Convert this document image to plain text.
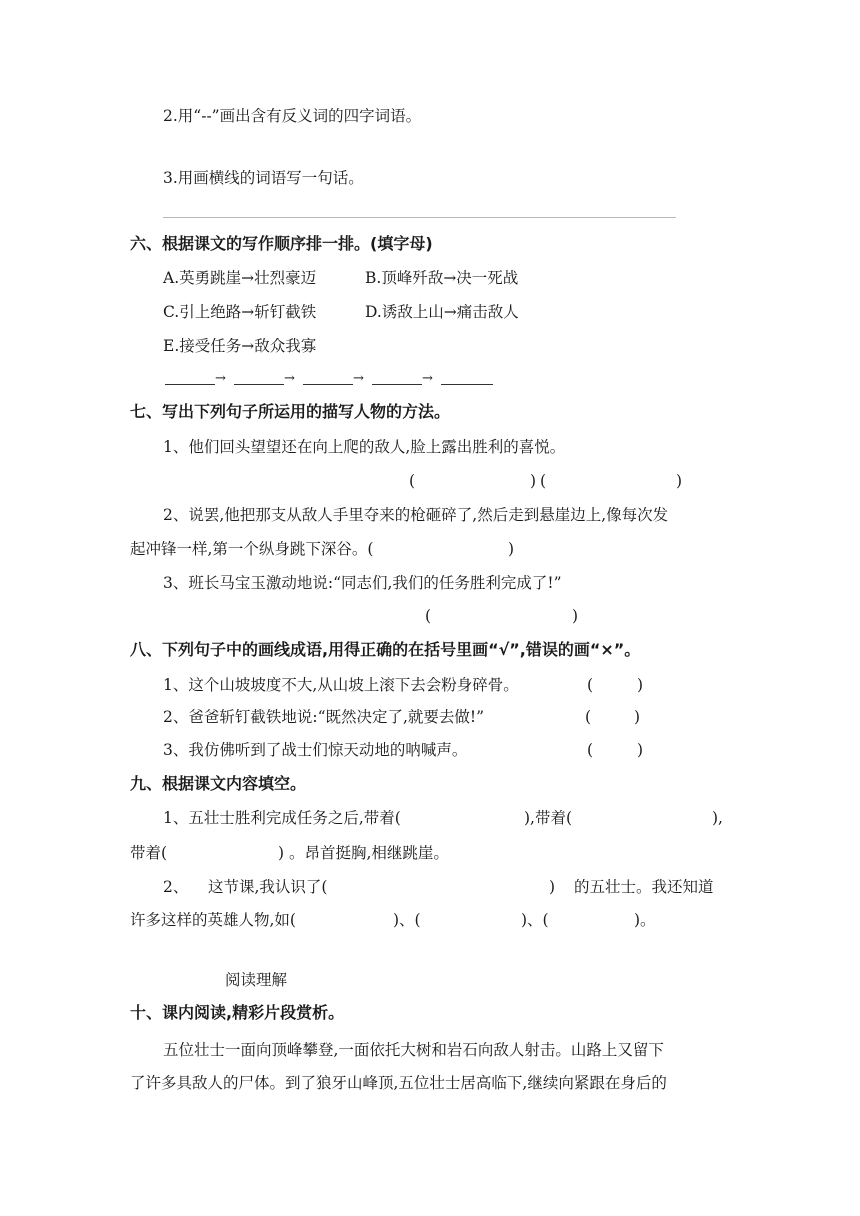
2.用“--”画出含有反义词的四字词语。
3.用画横线的词语写一句话。
六、根据课文的写作顺序排一排。(填字母)
A.英勇跳崖→壮烈豪迈	B.顶峰歼敌→决一死战
C.引上绝路→斩钉截铁	D.诱敌上山→痛击敌人
E.接受任务→敌众我寡
→	→	→	→
七、写出下列句子所运用的描写人物的方法。
1、他们回头望望还在向上爬的敌人,脸上露出胜利的喜悦。
(	) (	)
2、说罢,他把那支从敌人手里夺来的枪砸碎了,然后走到悬崖边上,像每次发
起冲锋一样,第一个纵身跳下深谷。(	)
3、班长马宝玉激动地说:“同志们,我们的任务胜利完成了!”
(	)
八、下列句子中的画线成语,用得正确的在括号里画“√”,错误的画“×”。
1、这个山坡坡度不大,从山坡上滚下去会粉身碎骨。	(	)
2、爸爸斩钉截铁地说:“既然决定了,就要去做!”	(	)
3、我仿佛听到了战士们惊天动地的呐喊声。	(	)
九、根据课文内容填空。
1、五壮士胜利完成任务之后,带着(	),带着(	),
带着(	) 。昂首挺胸,相继跳崖。
2、 这节课,我认识了(	) 的五壮士。我还知道
许多这样的英雄人物,如(	)、(	)、(	)。
阅读理解
十、课内阅读,精彩片段赏析。
五位壮士一面向顶峰攀登,一面依托大树和岩石向敌人射击。山路上又留下
了许多具敌人的尸体。到了狼牙山峰顶,五位壮士居高临下,继续向紧跟在身后的
